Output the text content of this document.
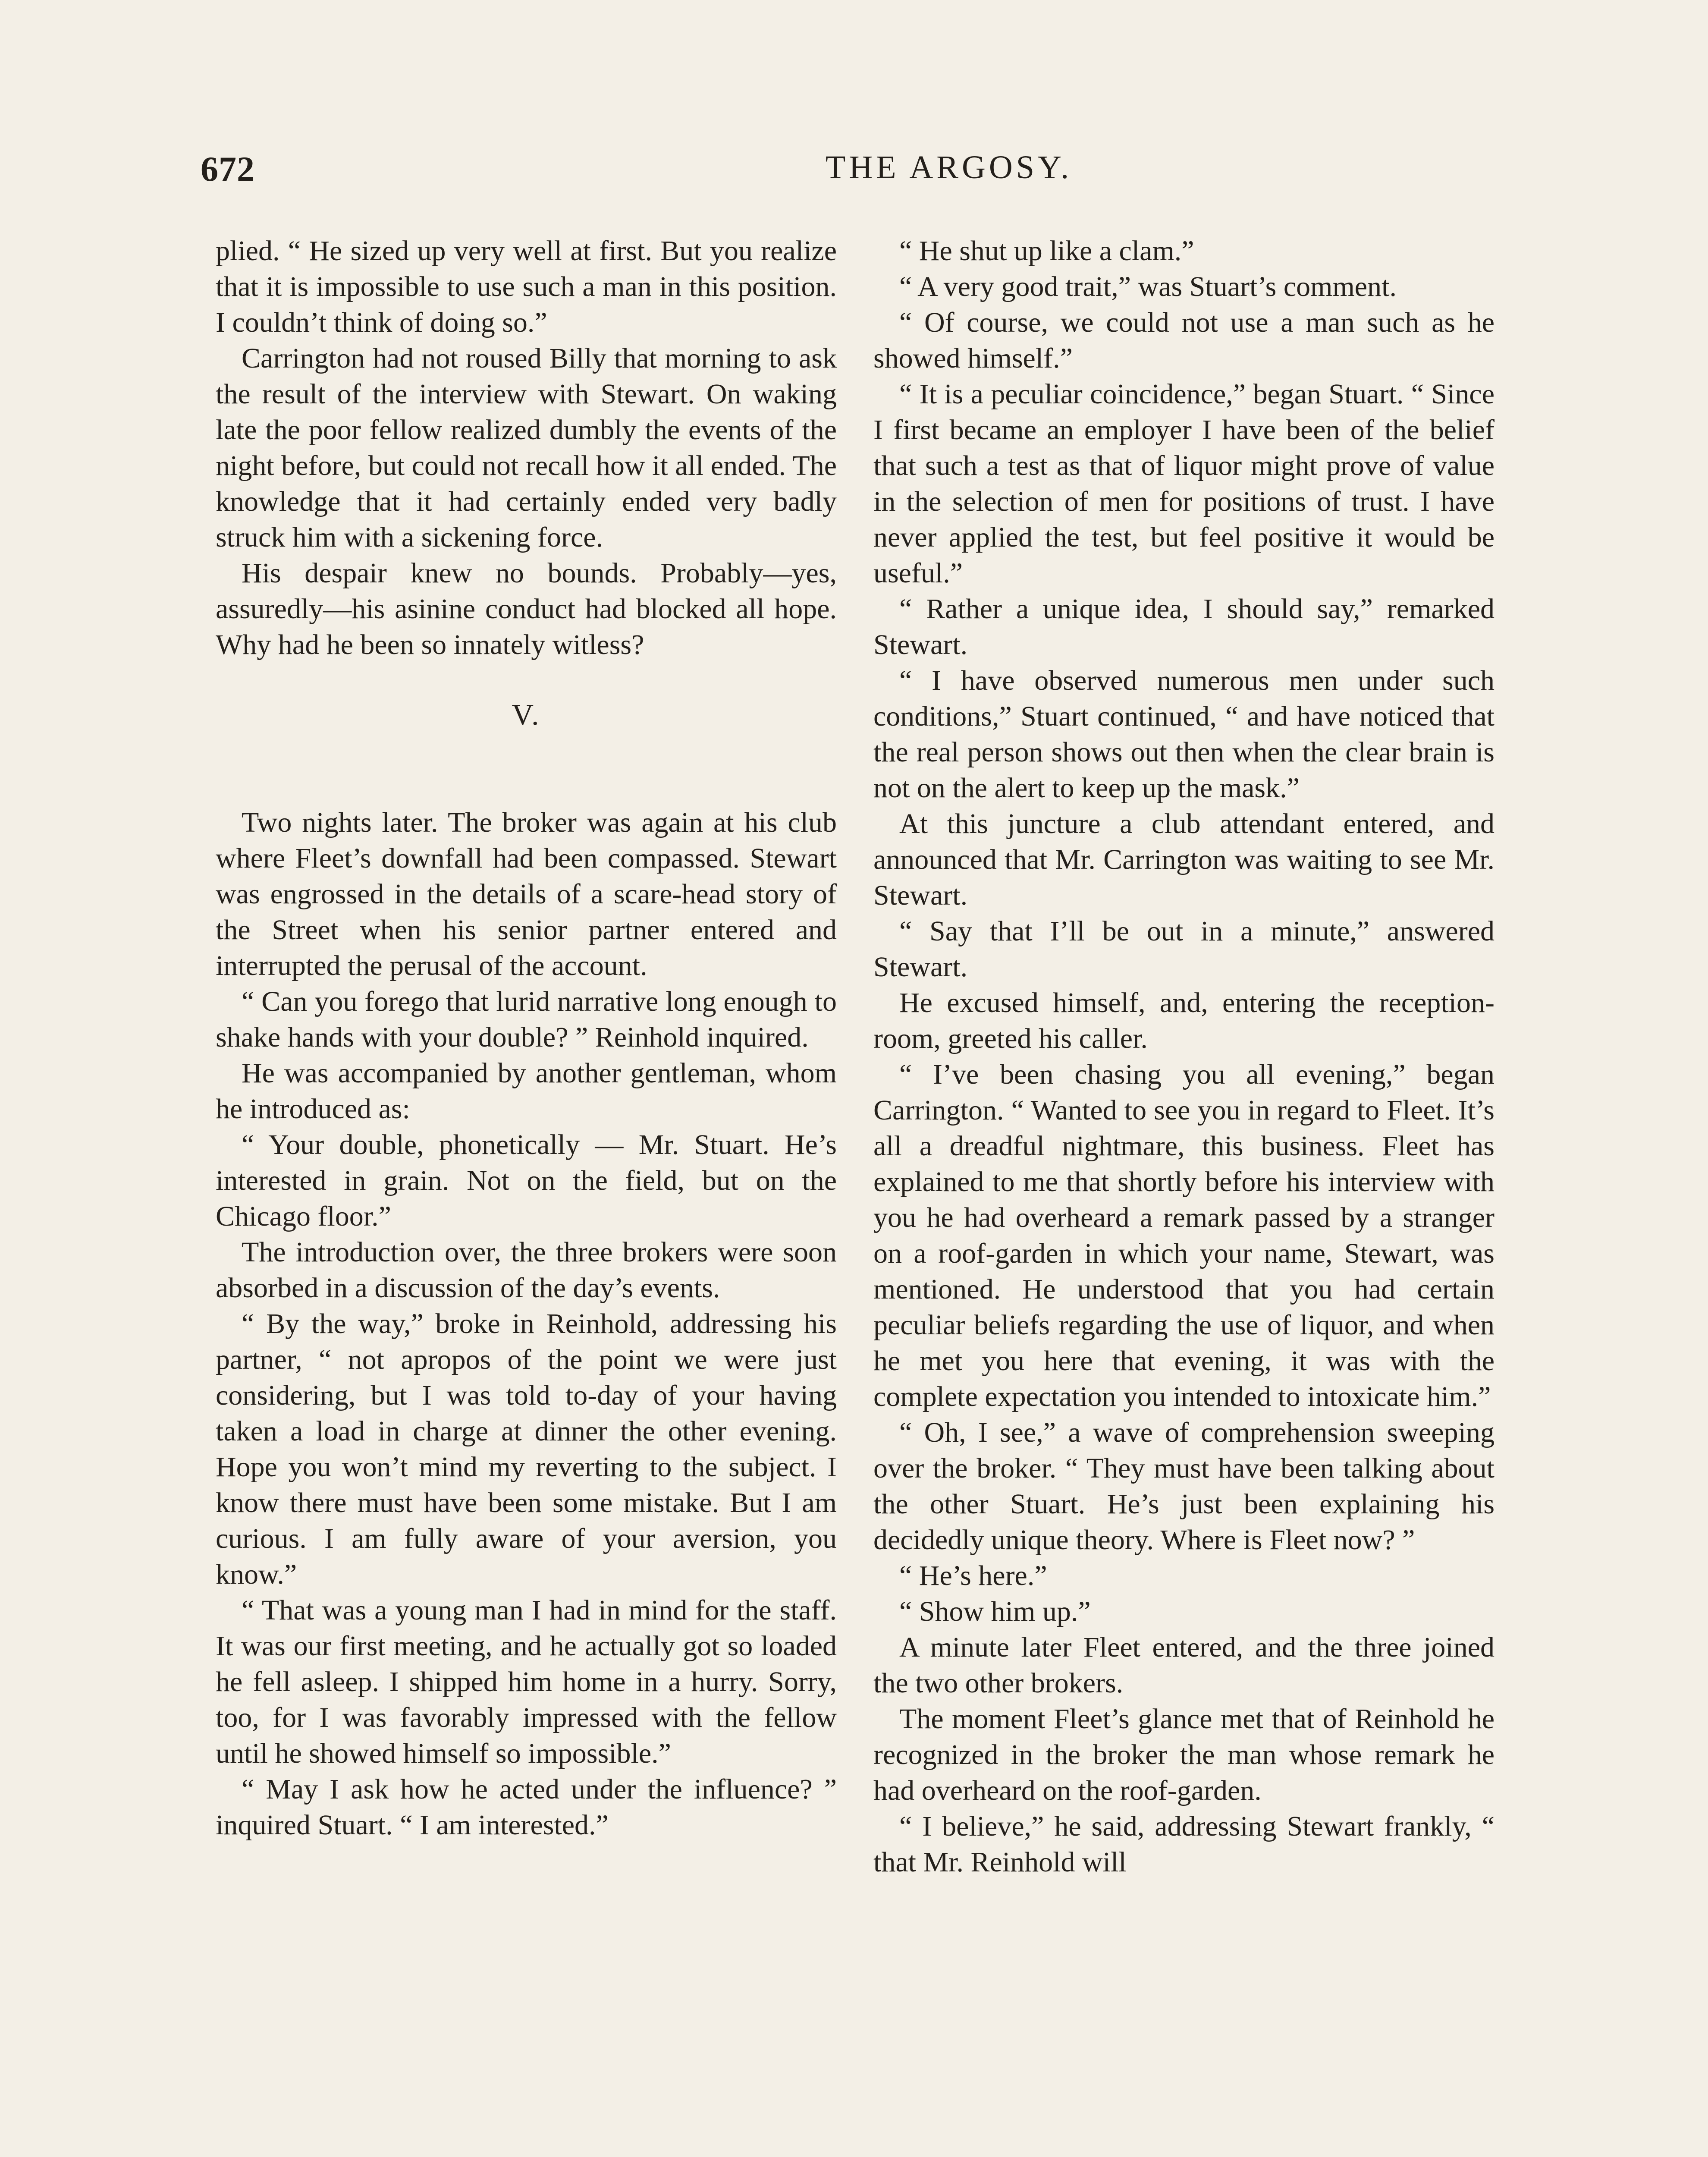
672	THE ARGOSY.

plied. “ He sized up very well at first. But you realize that it is impossible to use such a man in this position. I couldn’t think of doing so.”

Carrington had not roused Billy that morning to ask the result of the interview with Stewart. On waking late the poor fellow realized dumbly the events of the night before, but could not recall how it all ended. The knowledge that it had certainly ended very badly struck him with a sickening force.

His despair knew no bounds. Probably—yes, assuredly—his asinine conduct had blocked all hope. Why had he been so innately witless?

V.

Two nights later. The broker was again at his club where Fleet’s downfall had been compassed. Stewart was engrossed in the details of a scare-head story of the Street when his senior partner entered and interrupted the perusal of the account.

“ Can you forego that lurid narrative long enough to shake hands with your double? ” Reinhold inquired.

He was accompanied by another gentleman, whom he introduced as:

“ Your double, phonetically — Mr. Stuart. He’s interested in grain. Not on the field, but on the Chicago floor.”

The introduction over, the three brokers were soon absorbed in a discussion of the day’s events.

“ By the way,” broke in Reinhold, addressing his partner, “ not apropos of the point we were just considering, but I was told to-day of your having taken a load in charge at dinner the other evening. Hope you won’t mind my reverting to the subject. I know there must have been some mistake. But I am curious. I am fully aware of your aversion, you know.”

“ That was a young man I had in mind for the staff. It was our first meeting, and he actually got so loaded he fell asleep. I shipped him home in a hurry. Sorry, too, for I was favorably impressed with the fellow until he showed himself so impossible.”

“ May I ask how he acted under the influence? ” inquired Stuart. “ I am interested.”

“ He shut up like a clam.”

“ A very good trait,” was Stuart’s comment.

“ Of course, we could not use a man such as he showed himself.”

“ It is a peculiar coincidence,” began Stuart. “ Since I first became an employer I have been of the belief that such a test as that of liquor might prove of value in the selection of men for positions of trust. I have never applied the test, but feel positive it would be useful.”

“ Rather a unique idea, I should say,” remarked Stewart.

“ I have observed numerous men under such conditions,” Stuart continued, “ and have noticed that the real person shows out then when the clear brain is not on the alert to keep up the mask.”

At this juncture a club attendant entered, and announced that Mr. Carrington was waiting to see Mr. Stewart.

“ Say that I’ll be out in a minute,” answered Stewart.

He excused himself, and, entering the reception-room, greeted his caller.

“ I’ve been chasing you all evening,” began Carrington. “ Wanted to see you in regard to Fleet. It’s all a dreadful nightmare, this business. Fleet has explained to me that shortly before his interview with you he had overheard a remark passed by a stranger on a roof-garden in which your name, Stewart, was mentioned. He understood that you had certain peculiar beliefs regarding the use of liquor, and when he met you here that evening, it was with the complete expectation you intended to intoxicate him.”

“ Oh, I see,” a wave of comprehension sweeping over the broker. “ They must have been talking about the other Stuart. He’s just been explaining his decidedly unique theory. Where is Fleet now? ”

“ He’s here.”

“ Show him up.”

A minute later Fleet entered, and the three joined the two other brokers.

The moment Fleet’s glance met that of Reinhold he recognized in the broker the man whose remark he had overheard on the roof-garden.

“ I believe,” he said, addressing Stewart frankly, “ that Mr. Reinhold will
